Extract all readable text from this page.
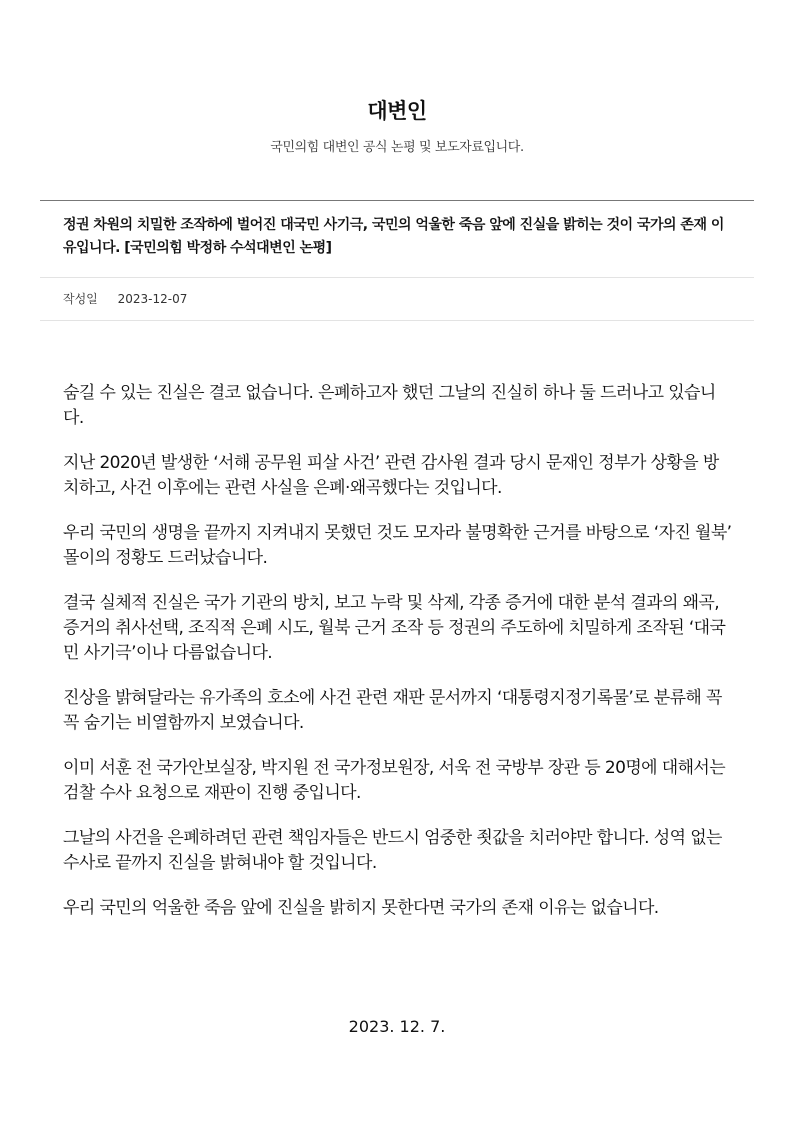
대변인
국민의힘 대변인 공식 논평 및 보도자료입니다.
정권 차원의 치밀한 조작하에 벌어진 대국민 사기극, 국민의 억울한 죽음 앞에 진실을 밝히는 것이 국가의 존재 이유입니다. [국민의힘 박정하 수석대변인 논평]
작성일 2023-12-07

숨길 수 있는 진실은 결코 없습니다. 은폐하고자 했던 그날의 진실히 하나 둘 드러나고 있습니다.

지난 2020년 발생한 ‘서해 공무원 피살 사건’ 관련 감사원 결과 당시 문재인 정부가 상황을 방치하고, 사건 이후에는 관련 사실을 은폐·왜곡했다는 것입니다.

우리 국민의 생명을 끝까지 지켜내지 못했던 것도 모자라 불명확한 근거를 바탕으로 ‘자진 월북’ 몰이의 정황도 드러났습니다.

결국 실체적 진실은 국가 기관의 방치, 보고 누락 및 삭제, 각종 증거에 대한 분석 결과의 왜곡, 증거의 취사선택, 조직적 은폐 시도, 월북 근거 조작 등 정권의 주도하에 치밀하게 조작된 ‘대국민 사기극’이나 다름없습니다.

진상을 밝혀달라는 유가족의 호소에 사건 관련 재판 문서까지 ‘대통령지정기록물’로 분류해 꼭꼭 숨기는 비열함까지 보였습니다.

이미 서훈 전 국가안보실장, 박지원 전 국가정보원장, 서욱 전 국방부 장관 등 20명에 대해서는 검찰 수사 요청으로 재판이 진행 중입니다.

그날의 사건을 은폐하려던 관련 책임자들은 반드시 엄중한 죗값을 치러야만 합니다. 성역 없는 수사로 끝까지 진실을 밝혀내야 할 것입니다.

우리 국민의 억울한 죽음 앞에 진실을 밝히지 못한다면 국가의 존재 이유는 없습니다.

2023. 12. 7.
